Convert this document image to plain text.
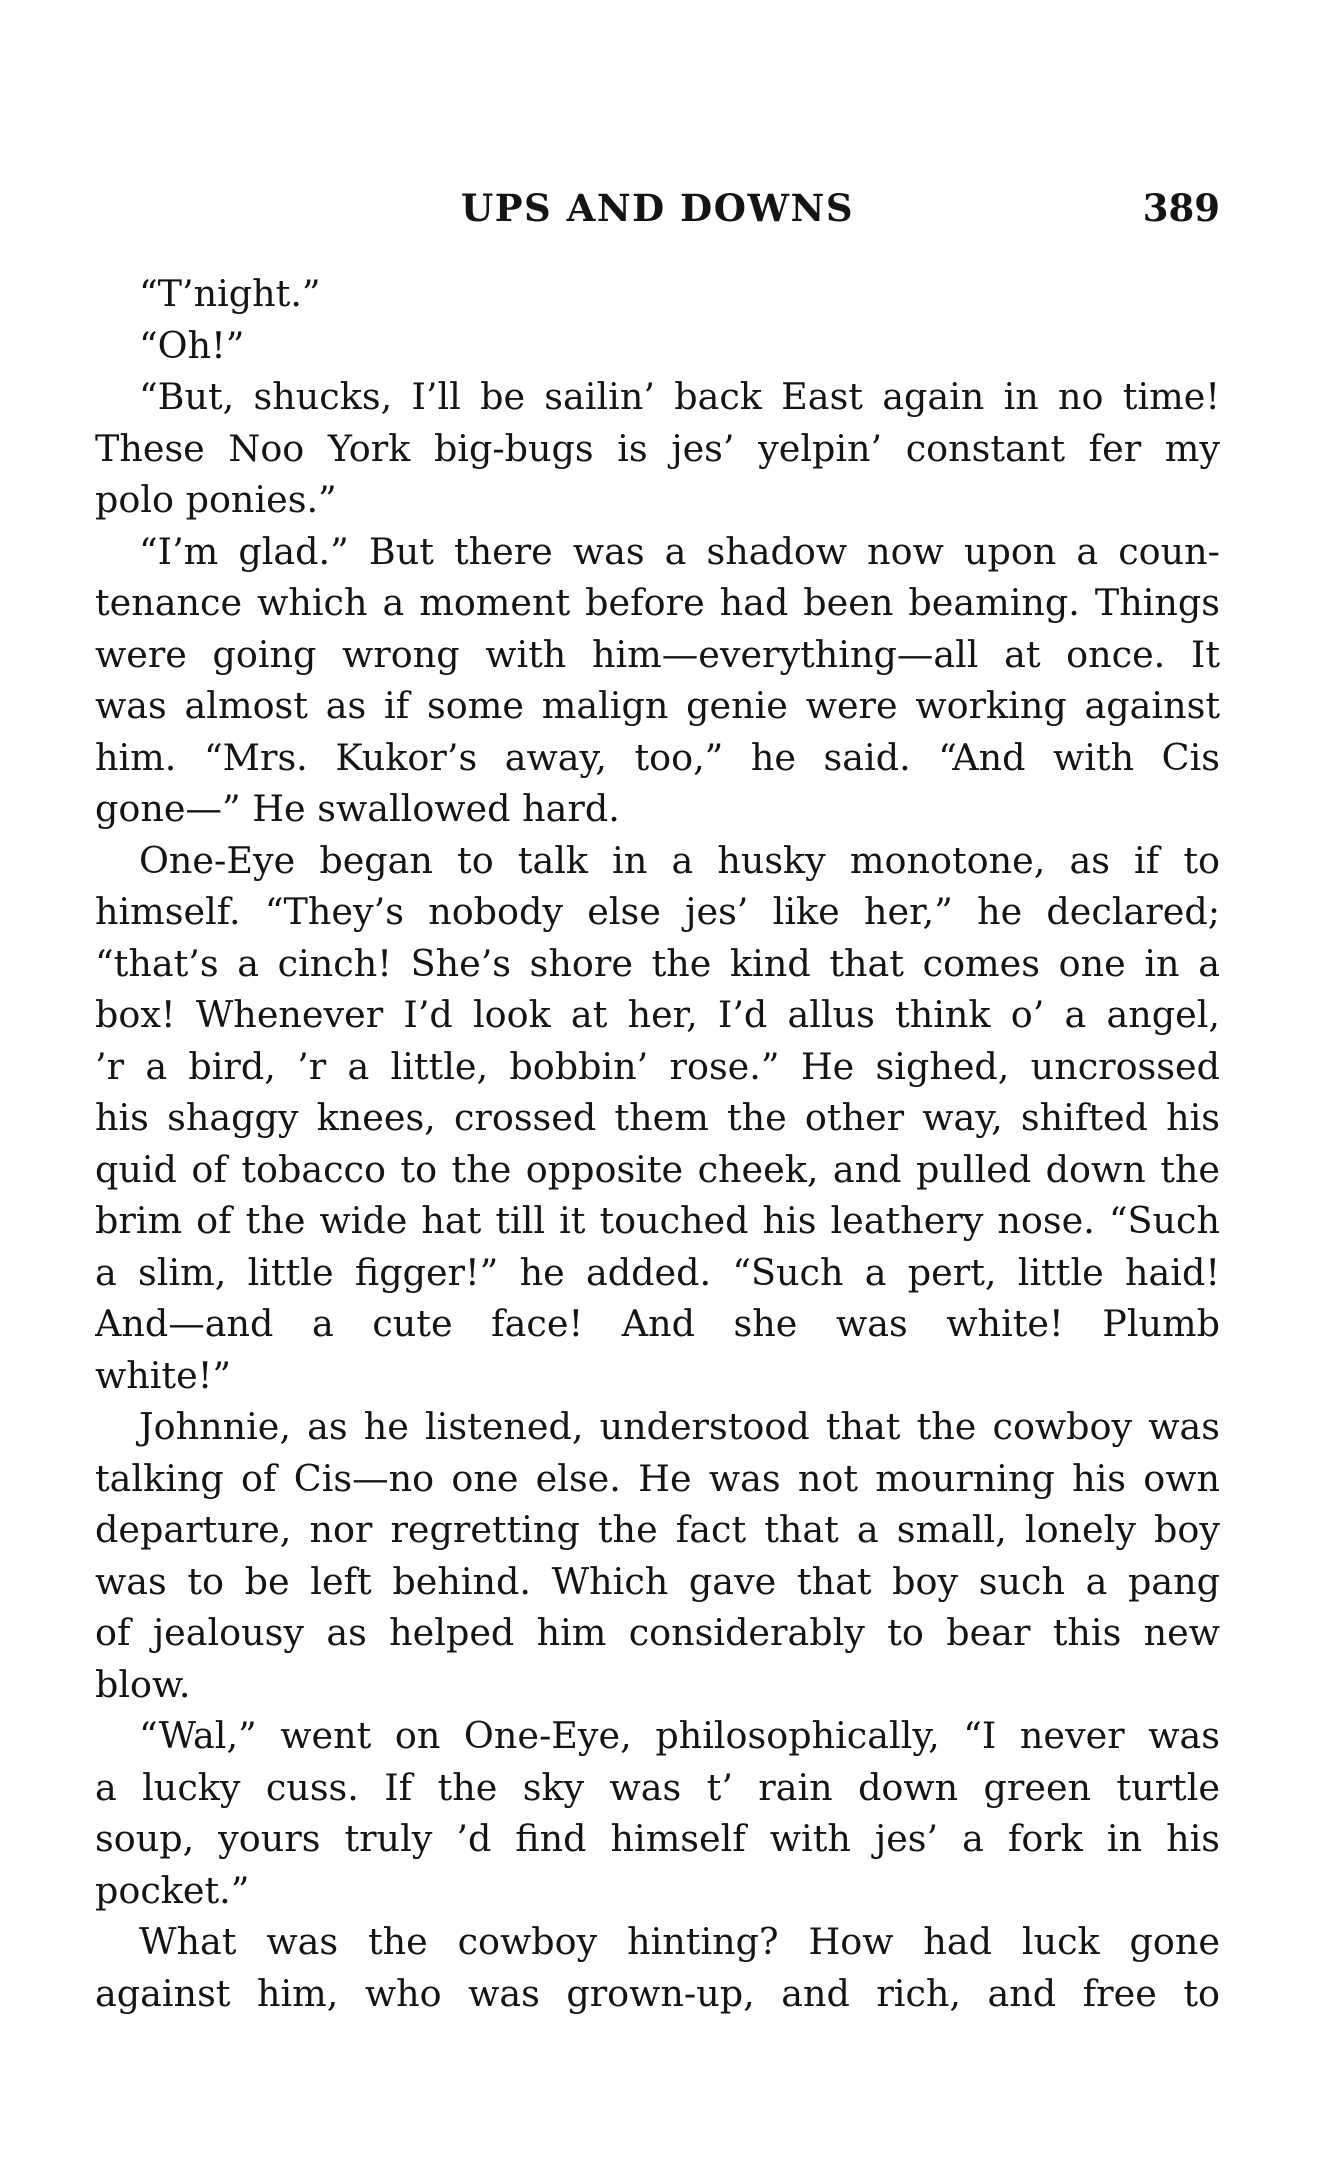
UPS AND DOWNS	389
“T’night.”
“Oh!”
“But, shucks, I’ll be sailin’ back East again in no time!
These Noo York big-bugs is jes’ yelpin’ constant fer my
polo ponies.”
“I’m glad.” But there was a shadow now upon a coun-
tenance which a moment before had been beaming. Things
were going wrong with him—everything—all at once. It
was almost as if some malign genie were working against
him. “Mrs. Kukor’s away, too,” he said. “And with Cis
gone—” He swallowed hard.
One-Eye began to talk in a husky monotone, as if to
himself. “They’s nobody else jes’ like her,” he declared;
“that’s a cinch! She’s shore the kind that comes one in a
box! Whenever I’d look at her, I’d allus think o’ a angel,
’r a bird, ’r a little, bobbin’ rose.” He sighed, uncrossed
his shaggy knees, crossed them the other way, shifted his
quid of tobacco to the opposite cheek, and pulled down the
brim of the wide hat till it touched his leathery nose. “Such
a slim, little figger!” he added. “Such a pert, little haid!
And—and a cute face! And she was white! Plumb
white!”
Johnnie, as he listened, understood that the cowboy was
talking of Cis—no one else. He was not mourning his own
departure, nor regretting the fact that a small, lonely boy
was to be left behind. Which gave that boy such a pang
of jealousy as helped him considerably to bear this new
blow.
“Wal,” went on One-Eye, philosophically, “I never was
a lucky cuss. If the sky was t’ rain down green turtle
soup, yours truly ’d find himself with jes’ a fork in his
pocket.”
What was the cowboy hinting? How had luck gone
against him, who was grown-up, and rich, and free to
